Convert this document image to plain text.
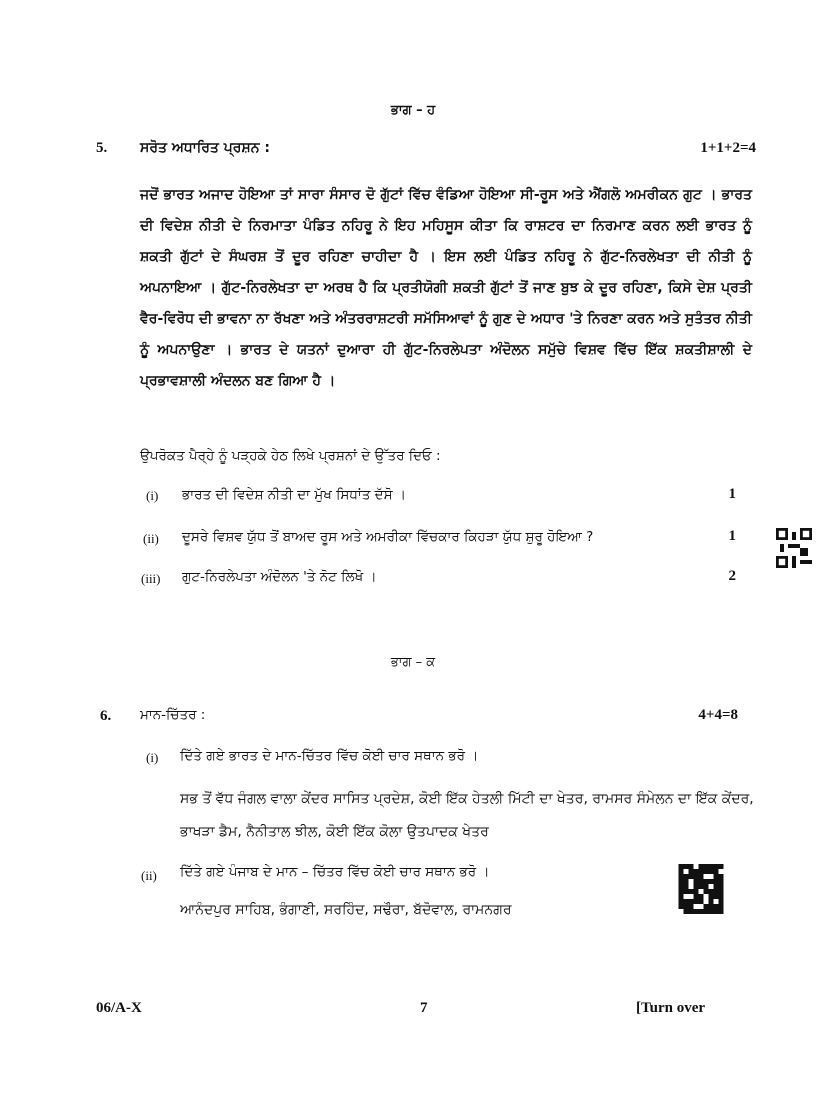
ਭਾਗ – ਹ
5. ਸਰੋਤ ਅਧਾਰਿਤ ਪ੍ਰਸ਼ਨ :	1+1+2=4
ਜਦੋਂ ਭਾਰਤ ਅਜਾਦ ਹੋਇਆ ਤਾਂ ਸਾਰਾ ਸੰਸਾਰ ਦੋ ਗੁੱਟਾਂ ਵਿੱਚ ਵੰਡਿਆ ਹੋਇਆ ਸੀ-ਰੂਸ ਅਤੇ ਐਂਗਲੋ ਅਮਰੀਕਨ ਗੁਟ । ਭਾਰਤ ਦੀ ਵਿਦੇਸ਼ ਨੀਤੀ ਦੇ ਨਿਰਮਾਤਾ ਪੰਡਿਤ ਨਹਿਰੂ ਨੇ ਇਹ ਮਹਿਸੂਸ ਕੀਤਾ ਕਿ ਰਾਸ਼ਟਰ ਦਾ ਨਿਰਮਾਣ ਕਰਨ ਲਈ ਭਾਰਤ ਨੂੰ ਸ਼ਕਤੀ ਗੁੱਟਾਂ ਦੇ ਸੰਘਰਸ਼ ਤੋਂ ਦੂਰ ਰਹਿਣਾ ਚਾਹੀਦਾ ਹੈ । ਇਸ ਲਈ ਪੰਡਿਤ ਨਹਿਰੂ ਨੇ ਗੁੱਟ-ਨਿਰਲੇਖਤਾ ਦੀ ਨੀਤੀ ਨੂੰ ਅਪਨਾਇਆ । ਗੁੱਟ-ਨਿਰਲੇਖਤਾ ਦਾ ਅਰਥ ਹੈ ਕਿ ਪ੍ਰਤੀਯੋਗੀ ਸ਼ਕਤੀ ਗੁੱਟਾਂ ਤੋਂ ਜਾਣ ਬੁਝ ਕੇ ਦੂਰ ਰਹਿਣਾ, ਕਿਸੇ ਦੇਸ਼ ਪ੍ਰਤੀ ਵੈਰ-ਵਿਰੋਧ ਦੀ ਭਾਵਨਾ ਨਾ ਰੱਖਣਾ ਅਤੇ ਅੰਤਰਰਾਸ਼ਟਰੀ ਸਮੱਸਿਆਵਾਂ ਨੂੰ ਗੁਣ ਦੇ ਅਧਾਰ 'ਤੇ ਨਿਰਣਾ ਕਰਨ ਅਤੇ ਸੁਤੰਤਰ ਨੀਤੀ ਨੂੰ ਅਪਨਾਉਣਾ । ਭਾਰਤ ਦੇ ਯਤਨਾਂ ਦੁਆਰਾ ਹੀ ਗੁੱਟ-ਨਿਰਲੇਪਤਾ ਅੰਦੋਲਨ ਸਮੁੱਚੇ ਵਿਸ਼ਵ ਵਿੱਚ ਇੱਕ ਸ਼ਕਤੀਸ਼ਾਲੀ ਦੇ ਪ੍ਰਭਾਵਸ਼ਾਲੀ ਅੰਦਲਨ ਬਣ ਗਿਆ ਹੈ ।
ਉਪਰੋਕਤ ਪੈਰ੍ਹੇ ਨੂੰ ਪੜ੍ਹਕੇ ਹੇਠ ਲਿਖੇ ਪ੍ਰਸ਼ਨਾਂ ਦੇ ਉੱਤਰ ਦਿਓ :
(i) ਭਾਰਤ ਦੀ ਵਿਦੇਸ਼ ਨੀਤੀ ਦਾ ਮੁੱਖ ਸਿਧਾਂਤ ਦੱਸੋ ।	1
(ii) ਦੂਸਰੇ ਵਿਸ਼ਵ ਯੁੱਧ ਤੋਂ ਬਾਅਦ ਰੂਸ ਅਤੇ ਅਮਰੀਕਾ ਵਿੱਚਕਾਰ ਕਿਹੜਾ ਯੁੱਧ ਸ਼ੁਰੂ ਹੋਇਆ ?	1
(iii) ਗੁਟ-ਨਿਰਲੇਪਤਾ ਅੰਦੋਲਨ 'ਤੇ ਨੋਟ ਲਿਖੋ ।	2
ਭਾਗ – ਕ
6. ਮਾਨ-ਚਿੱਤਰ :	4+4=8
(i) ਦਿੱਤੇ ਗਏ ਭਾਰਤ ਦੇ ਮਾਨ-ਚਿੱਤਰ ਵਿੱਚ ਕੋਈ ਚਾਰ ਸਥਾਨ ਭਰੋ ।
ਸਭ ਤੋਂ ਵੱਧ ਜੰਗਲ ਵਾਲਾ ਕੇਂਦਰ ਸਾਸਿਤ ਪ੍ਰਦੇਸ਼, ਕੋਈ ਇੱਕ ਹੇਤਲੀ ਮਿੱਟੀ ਦਾ ਖੇਤਰ, ਰਾਮਸਰ ਸੰਮੇਲਨ ਦਾ ਇੱਕ ਕੇਂਦਰ, ਭਾਖੜਾ ਡੈਮ, ਨੈਨੀਤਾਲ ਝੀਲ, ਕੋਈ ਇੱਕ ਕੋਲਾ ਉਤਪਾਦਕ ਖੇਤਰ
(ii) ਦਿੱਤੇ ਗਏ ਪੰਜਾਬ ਦੇ ਮਾਨ – ਚਿੱਤਰ ਵਿੱਚ ਕੋਈ ਚਾਰ ਸਥਾਨ ਭਰੋ ।
ਆਨੰਦਪੁਰ ਸਾਹਿਬ, ਭੰਗਾਣੀ, ਸਰਹਿੰਦ, ਸਢੌਰਾ, ਬੱਦੋਵਾਲ, ਰਾਮਨਗਰ
06/A-X	7	[Turn over
